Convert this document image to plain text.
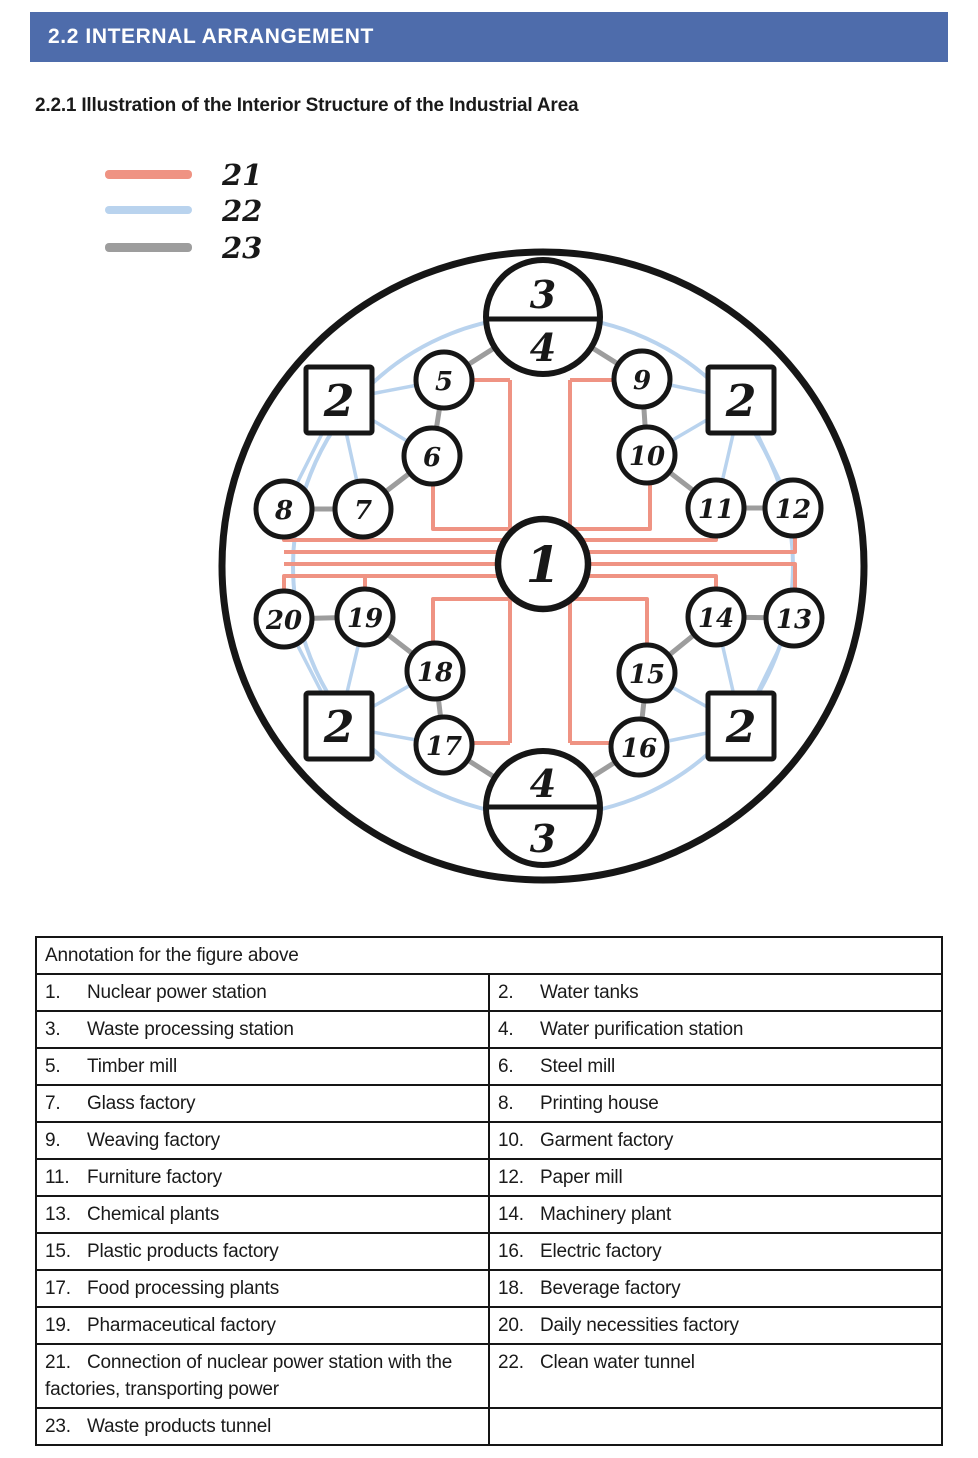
2.2 INTERNAL ARRANGEMENT
2.2.1 Illustration of the Interior Structure of the Industrial Area
21
22
23
2	2
2	2
3
4
4
3
1
5
6
7
8
9
10
11 12
13
14
15
16
17
18
19
20
Annotation for the figure above	
1. Nuclear power station	2. Water tanks
3. Waste processing station	4. Water purification station
5. Timber mill	6. Steel mill
7. Glass factory	8. Printing house
9. Weaving factory	10. Garment factory
11. Furniture factory	12. Paper mill
13. Chemical plants	14. Machinery plant
15. Plastic products factory	16. Electric factory
17. Food processing plants	18. Beverage factory
19. Pharmaceutical factory	20. Daily necessities factory
21. Connection of nuclear power station with the factories, transporting power	22. Clean water tunnel
23. Waste products tunnel	
